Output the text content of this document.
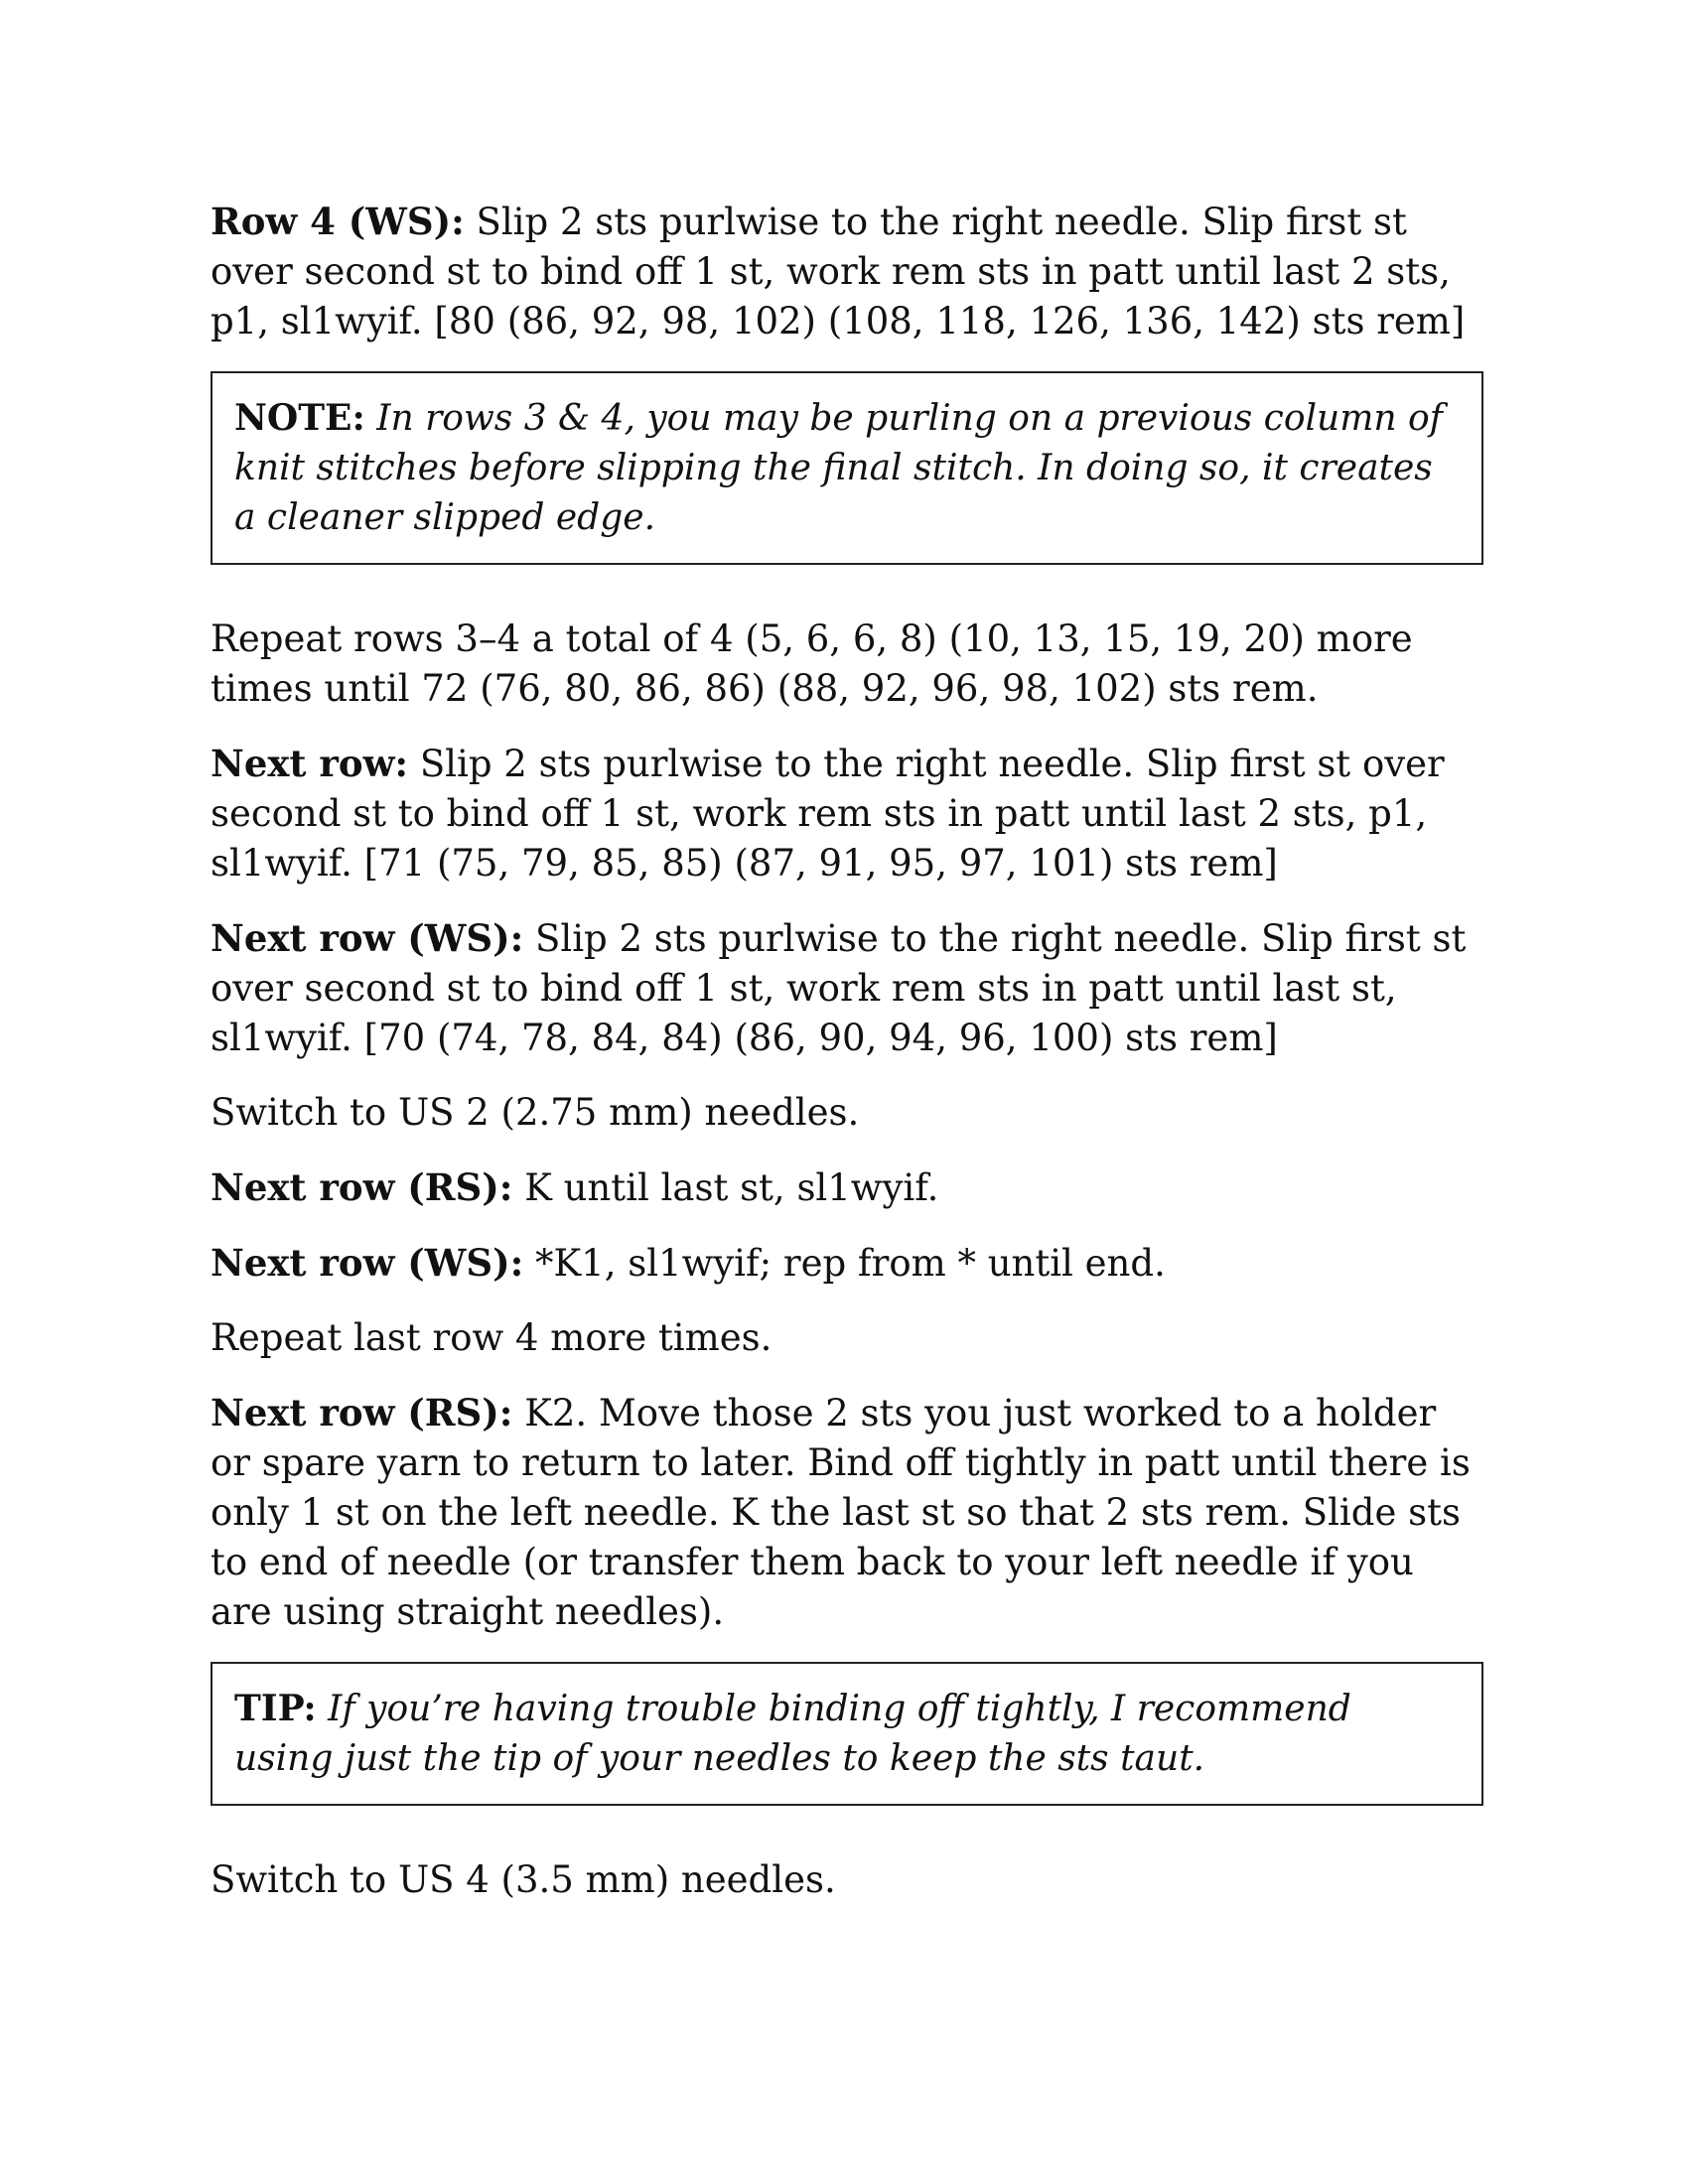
Row 4 (WS): Slip 2 sts purlwise to the right needle. Slip first st over second st to bind off 1 st, work rem sts in patt until last 2 sts, p1, sl1wyif. [80 (86, 92, 98, 102) (108, 118, 126, 136, 142) sts rem]

NOTE: In rows 3 & 4, you may be purling on a previous column of knit stitches before slipping the final stitch. In doing so, it creates a cleaner slipped edge.

Repeat rows 3–4 a total of 4 (5, 6, 6, 8) (10, 13, 15, 19, 20) more times until 72 (76, 80, 86, 86) (88, 92, 96, 98, 102) sts rem.

Next row: Slip 2 sts purlwise to the right needle. Slip first st over second st to bind off 1 st, work rem sts in patt until last 2 sts, p1, sl1wyif. [71 (75, 79, 85, 85) (87, 91, 95, 97, 101) sts rem]

Next row (WS): Slip 2 sts purlwise to the right needle. Slip first st over second st to bind off 1 st, work rem sts in patt until last st, sl1wyif. [70 (74, 78, 84, 84) (86, 90, 94, 96, 100) sts rem]

Switch to US 2 (2.75 mm) needles.

Next row (RS): K until last st, sl1wyif.

Next row (WS): *K1, sl1wyif; rep from * until end.

Repeat last row 4 more times.

Next row (RS): K2. Move those 2 sts you just worked to a holder or spare yarn to return to later. Bind off tightly in patt until there is only 1 st on the left needle. K the last st so that 2 sts rem. Slide sts to end of needle (or transfer them back to your left needle if you are using straight needles).

TIP: If you’re having trouble binding off tightly, I recommend using just the tip of your needles to keep the sts taut.

Switch to US 4 (3.5 mm) needles.
